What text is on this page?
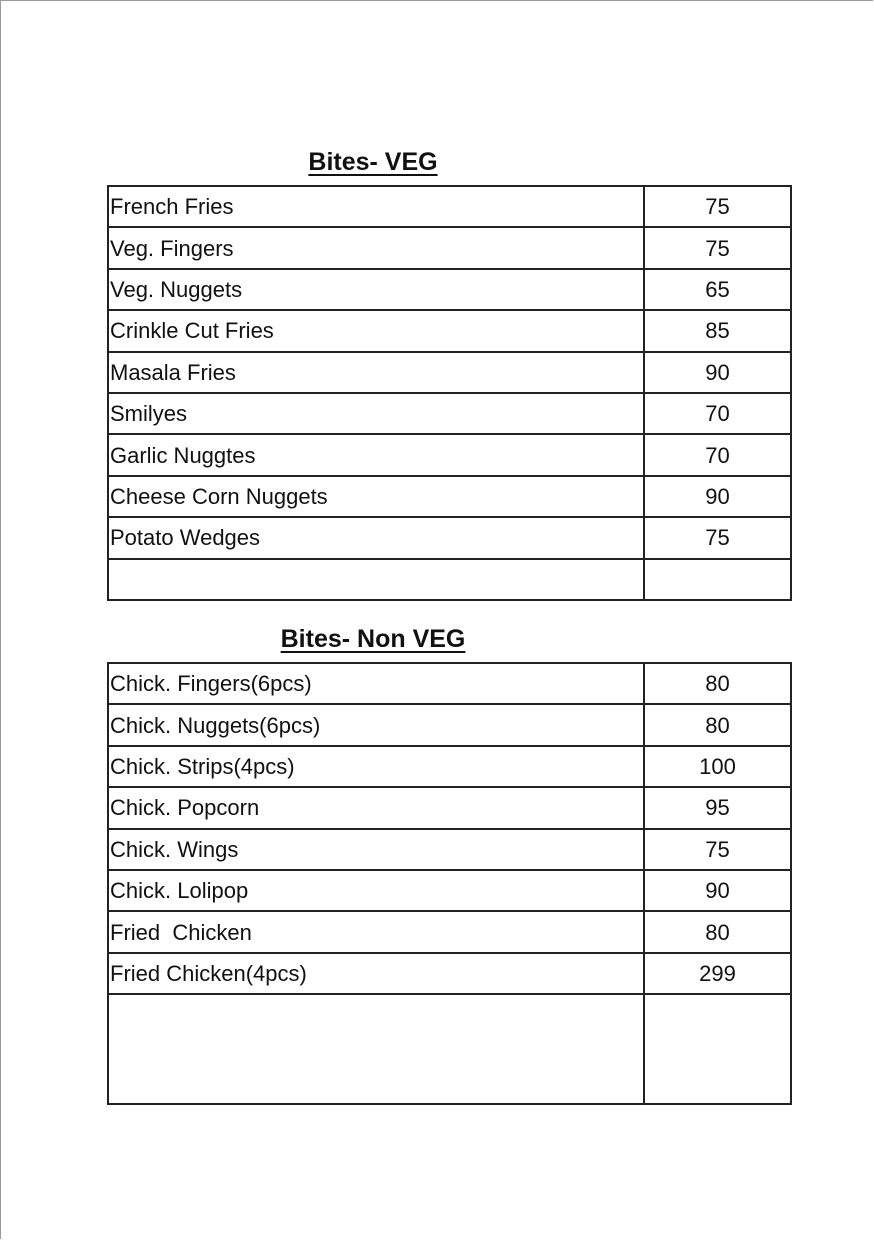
Bites- VEG
French Fries	75
Veg. Fingers	75
Veg. Nuggets	65
Crinkle Cut Fries	85
Masala Fries	90
Smilyes	70
Garlic Nuggtes	70
Cheese Corn Nuggets	90
Potato Wedges	75

Bites- Non VEG
Chick. Fingers(6pcs)	80
Chick. Nuggets(6pcs)	80
Chick. Strips(4pcs)	100
Chick. Popcorn	95
Chick. Wings	75
Chick. Lolipop	90
Fried  Chicken	80
Fried Chicken(4pcs)	299
